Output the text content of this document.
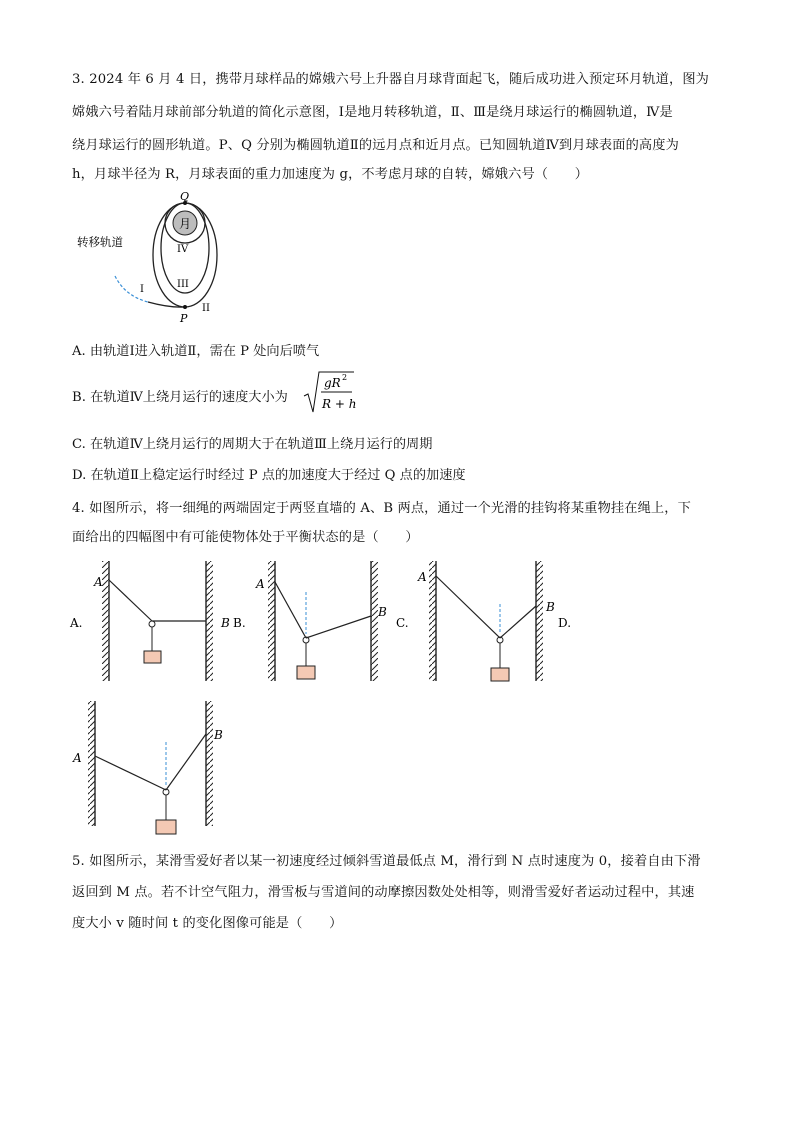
3. 2024 年 6 月 4 日，携带月球样品的嫦娥六号上升器自月球背面起飞，随后成功进入预定环月轨道，图为
嫦娥六号着陆月球前部分轨道的简化示意图，Ⅰ是地月转移轨道，Ⅱ、Ⅲ是绕月球运行的椭圆轨道，Ⅳ是
绕月球运行的圆形轨道。P、Q 分别为椭圆轨道Ⅱ的远月点和近月点。已知圆轨道Ⅳ到月球表面的高度为
h，月球半径为 R，月球表面的重力加速度为 g，不考虑月球的自转，嫦娥六号（　　）
月
Q
P
转移轨道
I
II
III
IV
A. 由轨道Ⅰ进入轨道Ⅱ，需在 P 处向后喷气
B. 在轨道Ⅳ上绕月运行的速度大小为
gR 2
R + h
C. 在轨道Ⅳ上绕月运行的周期大于在轨道Ⅲ上绕月运行的周期
D. 在轨道Ⅱ上稳定运行时经过 P 点的加速度大于经过 Q 点的加速度
4. 如图所示，将一细绳的两端固定于两竖直墙的 A、B 两点，通过一个光滑的挂钩将某重物挂在绳上，下
面给出的四幅图中有可能使物体处于平衡状态的是（　　）
A
B
A.	B.
A
B
C.
A
B
D.
A
B
5. 如图所示，某滑雪爱好者以某一初速度经过倾斜雪道最低点 M，滑行到 N 点时速度为 0，接着自由下滑
返回到 M 点。若不计空气阻力，滑雪板与雪道间的动摩擦因数处处相等，则滑雪爱好者运动过程中，其速
度大小 v 随时间 t 的变化图像可能是（　　）
